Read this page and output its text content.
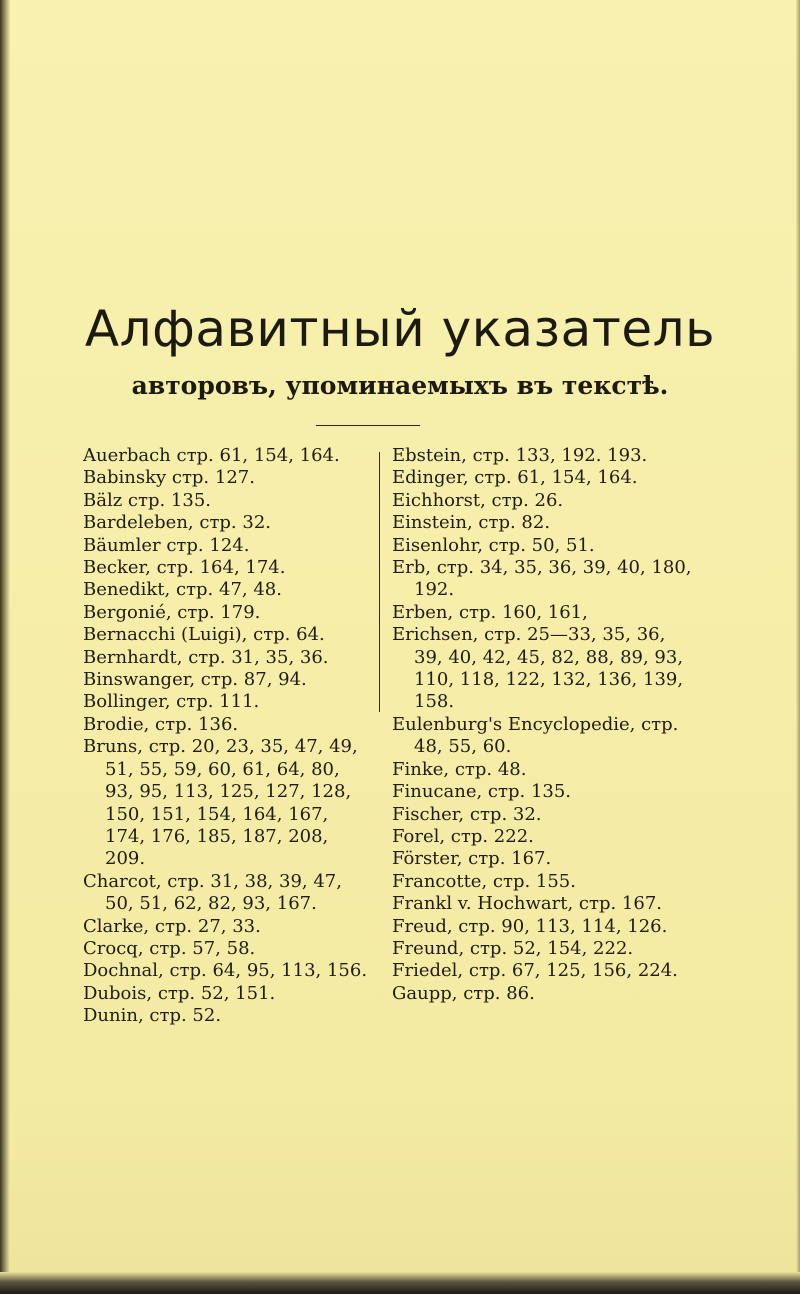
Алфавитный указатель
авторовъ, упоминаемыхъ въ текстѣ.

Auerbach стр. 61, 154, 164.

Babinsky стр. 127.

Bälz стр. 135.

Bardeleben, стр. 32.

Bäumler стр. 124.

Becker, стр. 164, 174.

Benedikt, стр. 47, 48.

Bergonié, стр. 179.

Bernacchi (Luigi), стр. 64.

Bernhardt, стр. 31, 35, 36.

Binswanger, стр. 87, 94.

Bollinger, стр. 111.

Brodie, стр. 136.

Bruns, стр. 20, 23, 35, 47, 49, 51, 55, 59, 60, 61, 64, 80, 93, 95, 113, 125, 127, 128, 150, 151, 154, 164, 167, 174, 176, 185, 187, 208, 209.

Charcot, стр. 31, 38, 39, 47, 50, 51, 62, 82, 93, 167.

Clarke, стр. 27, 33.

Crocq, стр. 57, 58.

Dochnal, стр. 64, 95, 113, 156.

Dubois, стр. 52, 151.

Dunin, стр. 52.

Ebstein, стр. 133, 192. 193.

Edinger, стр. 61, 154, 164.

Eichhorst, стр. 26.

Einstein, стр. 82.

Eisenlohr, стр. 50, 51.

Erb, стр. 34, 35, 36, 39, 40, 180, 192.

Erben, стр. 160, 161,

Erichsen, стр. 25—33, 35, 36, 39, 40, 42, 45, 82, 88, 89, 93, 110, 118, 122, 132, 136, 139, 158.

Eulenburg's Encyclopedie, стр. 48, 55, 60.

Finke, стр. 48.

Finucane, стр. 135.

Fischer, стр. 32.

Forel, стр. 222.

Förster, стр. 167.

Francotte, стр. 155.

Frankl v. Hochwart, стр. 167.

Freud, стр. 90, 113, 114, 126.

Freund, стр. 52, 154, 222.

Friedel, стр. 67, 125, 156, 224.

Gaupp, стр. 86.
